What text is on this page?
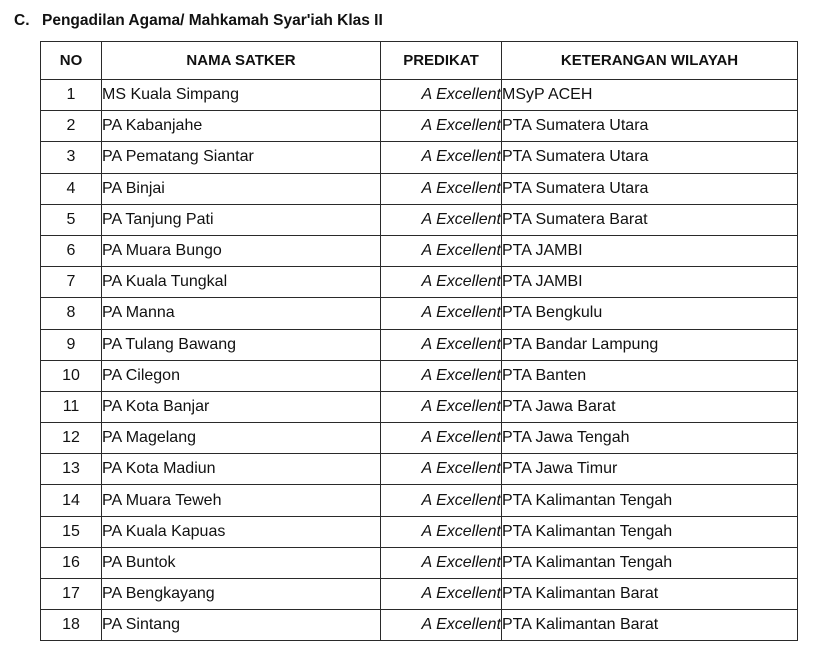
C. Pengadilan Agama/ Mahkamah Syar'iah Klas II
NO	NAMA SATKER	PREDIKAT	KETERANGAN WILAYAH
1	MS Kuala Simpang	A Excellent	MSyP ACEH
2	PA Kabanjahe	A Excellent	PTA Sumatera Utara
3	PA Pematang Siantar	A Excellent	PTA Sumatera Utara
4	PA Binjai	A Excellent	PTA Sumatera Utara
5	PA Tanjung Pati	A Excellent	PTA Sumatera Barat
6	PA Muara Bungo	A Excellent	PTA JAMBI
7	PA Kuala Tungkal	A Excellent	PTA JAMBI
8	PA Manna	A Excellent	PTA Bengkulu
9	PA Tulang Bawang	A Excellent	PTA Bandar Lampung
10	PA Cilegon	A Excellent	PTA Banten
11	PA Kota Banjar	A Excellent	PTA Jawa Barat
12	PA Magelang	A Excellent	PTA Jawa Tengah
13	PA Kota Madiun	A Excellent	PTA Jawa Timur
14	PA Muara Teweh	A Excellent	PTA Kalimantan Tengah
15	PA Kuala Kapuas	A Excellent	PTA Kalimantan Tengah
16	PA Buntok	A Excellent	PTA Kalimantan Tengah
17	PA Bengkayang	A Excellent	PTA Kalimantan Barat
18	PA Sintang	A Excellent	PTA Kalimantan Barat
